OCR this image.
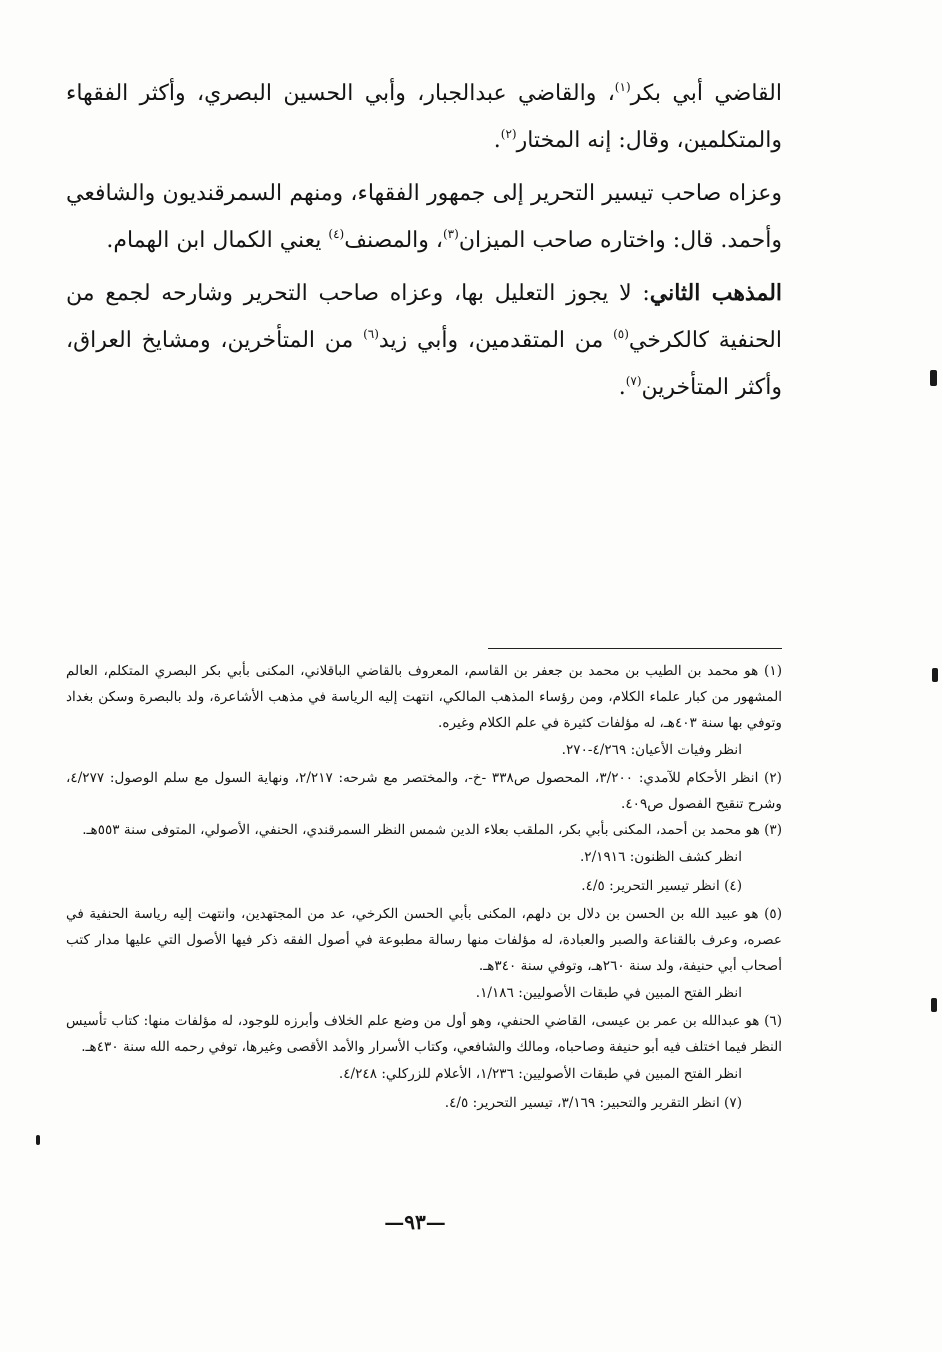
القاضي أبي بكر$^{(١)}$، والقاضي عبدالجبار، وأبي الحسين البصري، وأكثر الفقهاء والمتكلمين، وقال: إنه المختار$^{(٢)}$.

وعزاه صاحب تيسير التحرير إلى جمهور الفقهاء، ومنهم السمرقنديون والشافعي وأحمد. قال: واختاره صاحب الميزان$^{(٣)}$، والمصنف$^{(٤)}$ يعني الكمال ابن الهمام.

المذهب الثاني: لا يجوز التعليل بها، وعزاه صاحب التحرير وشارحه لجمع من الحنفية كالكرخي$^{(٥)}$ من المتقدمين، وأبي زيد$^{(٦)}$ من المتأخرين، ومشايخ العراق، وأكثر المتأخرين$^{(٧)}$.

(١) هو محمد بن الطيب بن محمد بن جعفر بن القاسم، المعروف بالقاضي الباقلاني، المكنى بأبي بكر البصري المتكلم، العالم المشهور من كبار علماء الكلام، ومن رؤساء المذهب المالكي، انتهت إليه الرياسة في مذهب الأشاعرة، ولد بالبصرة وسكن بغداد وتوفي بها سنة ٤٠٣هـ، له مؤلفات كثيرة في علم الكلام وغيره.

انظر وفيات الأعيان: ٤/٢٦٩-٢٧٠.

(٢) انظر الأحكام للآمدي: ٣/٢٠٠، المحصول ص٣٣٨ -خ-، والمختصر مع شرحه: ٢/٢١٧، ونهاية السول مع سلم الوصول: ٤/٢٧٧، وشرح تنقيح الفصول ص٤٠٩.

(٣) هو محمد بن أحمد، المكنى بأبي بكر، الملقب بعلاء الدين شمس النظر السمرقندي، الحنفي، الأصولي، المتوفى سنة ٥٥٣هـ.

انظر كشف الظنون: ٢/١٩١٦.

(٤) انظر تيسير التحرير: ٤/٥.

(٥) هو عبيد الله بن الحسن بن دلال بن دلهم، المكنى بأبي الحسن الكرخي، عد من المجتهدين، وانتهت إليه رياسة الحنفية في عصره، وعرف بالقناعة والصبر والعبادة، له مؤلفات منها رسالة مطبوعة في أصول الفقه ذكر فيها الأصول التي عليها مدار كتب أصحاب أبي حنيفة، ولد سنة ٢٦٠هـ، وتوفي سنة ٣٤٠هـ.

انظر الفتح المبين في طبقات الأصوليين: ١/١٨٦.

(٦) هو عبدالله بن عمر بن عيسى، القاضي الحنفي، وهو أول من وضع علم الخلاف وأبرزه للوجود، له مؤلفات منها: كتاب تأسيس النظر فيما اختلف فيه أبو حنيفة وصاحباه، ومالك والشافعي، وكتاب الأسرار والأمد الأقصى وغيرها، توفي رحمه الله سنة ٤٣٠هـ.

انظر الفتح المبين في طبقات الأصوليين: ١/٢٣٦، الأعلام للزركلي: ٤/٢٤٨.

(٧) انظر التقرير والتحبير: ٣/١٦٩، تيسير التحرير: ٤/٥.

—٩٣—
